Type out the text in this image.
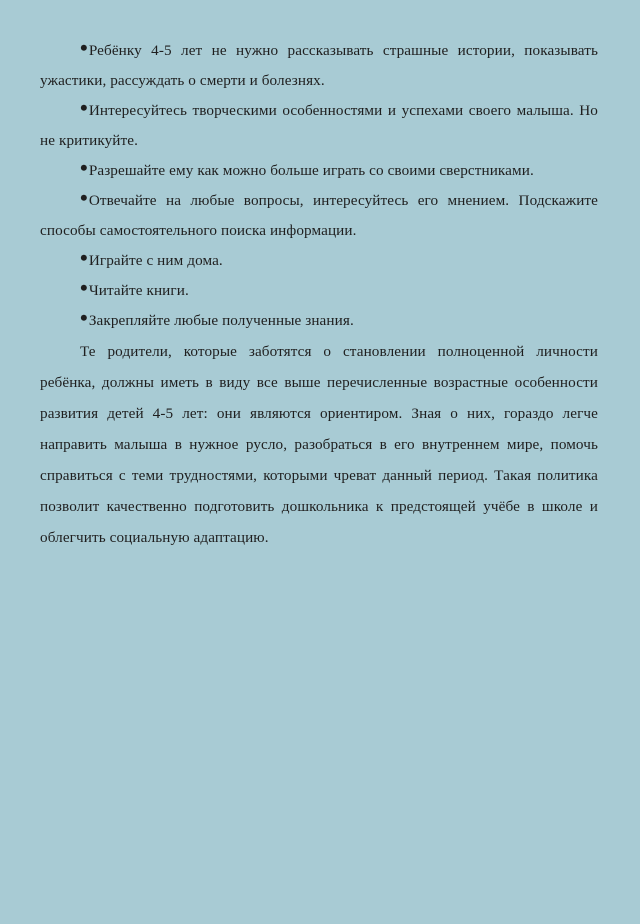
•Ребёнку 4-5 лет не нужно рассказывать страшные истории, показывать ужастики, рассуждать о смерти и болезнях.

•Интересуйтесь творческими особенностями и успехами своего малыша. Но не критикуйте.

•Разрешайте ему как можно больше играть со своими сверстниками.

•Отвечайте на любые вопросы, интересуйтесь его мнением. Подскажите способы самостоятельного поиска информации.

•Играйте с ним дома.

•Читайте книги.

•Закрепляйте любые полученные знания.

Те родители, которые заботятся о становлении полноценной личности ребёнка, должны иметь в виду все выше перечисленные возрастные особенности развития детей 4-5 лет: они являются ориентиром. Зная о них, гораздо легче направить малыша в нужное русло, разобраться в его внутреннем мире, помочь справиться с теми трудностями, которыми чреват данный период. Такая политика позволит качественно подготовить дошкольника к предстоящей учёбе в школе и облегчить социальную адаптацию.
